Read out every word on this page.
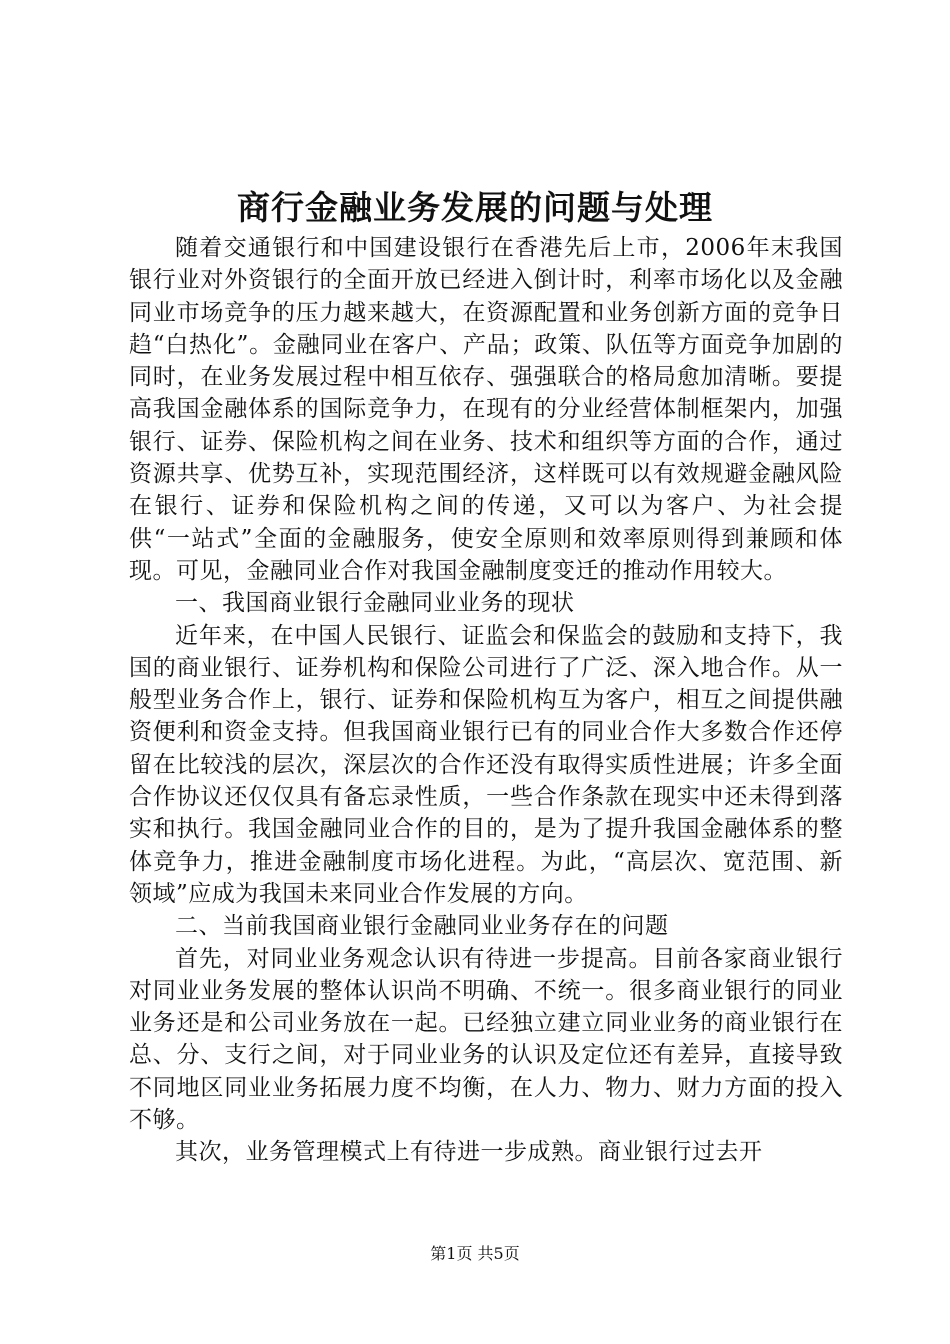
商行金融业务发展的问题与处理

随着交通银行和中国建设银行在香港先后上市，2006年末我国银行业对外资银行的全面开放已经进入倒计时，利率市场化以及金融同业市场竞争的压力越来越大，在资源配置和业务创新方面的竞争日趋“白热化”。金融同业在客户、产品；政策、队伍等方面竞争加剧的同时，在业务发展过程中相互依存、强强联合的格局愈加清晰。要提高我国金融体系的国际竞争力，在现有的分业经营体制框架内，加强银行、证券、保险机构之间在业务、技术和组织等方面的合作，通过资源共享、优势互补，实现范围经济，这样既可以有效规避金融风险在银行、证券和保险机构之间的传递，又可以为客户、为社会提供“一站式”全面的金融服务，使安全原则和效率原则得到兼顾和体现。可见，金融同业合作对我国金融制度变迁的推动作用较大。

一、我国商业银行金融同业业务的现状

近年来，在中国人民银行、证监会和保监会的鼓励和支持下，我国的商业银行、证券机构和保险公司进行了广泛、深入地合作。从一般型业务合作上，银行、证券和保险机构互为客户，相互之间提供融资便利和资金支持。但我国商业银行已有的同业合作大多数合作还停留在比较浅的层次，深层次的合作还没有取得实质性进展；许多全面合作协议还仅仅具有备忘录性质，一些合作条款在现实中还未得到落实和执行。我国金融同业合作的目的，是为了提升我国金融体系的整体竞争力，推进金融制度市场化进程。为此，“高层次、宽范围、新领域”应成为我国未来同业合作发展的方向。

二、当前我国商业银行金融同业业务存在的问题

首先，对同业业务观念认识有待进一步提高。目前各家商业银行对同业业务发展的整体认识尚不明确、不统一。很多商业银行的同业业务还是和公司业务放在一起。已经独立建立同业业务的商业银行在总、分、支行之间，对于同业业务的认识及定位还有差异，直接导致不同地区同业业务拓展力度不均衡，在人力、物力、财力方面的投入不够。

其次，业务管理模式上有待进一步成熟。商业银行过去开

第1页 共5页
